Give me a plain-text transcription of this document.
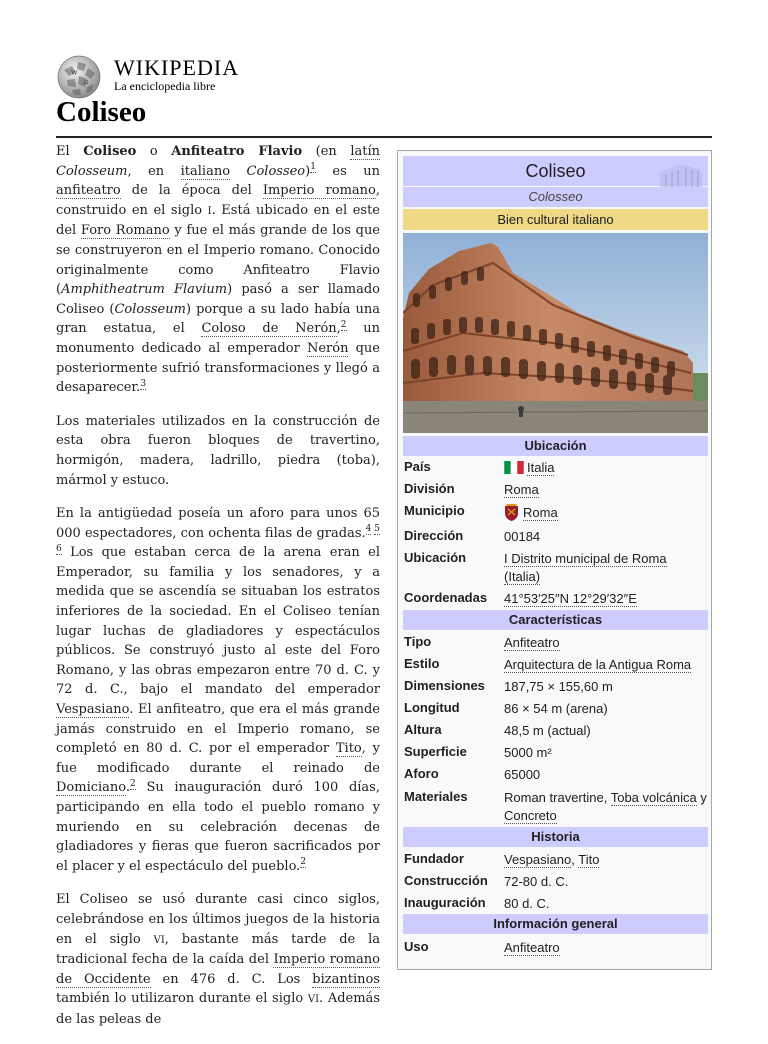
W
Ω
WIKIPEDIA
La enciclopedia libre
Coliseo

El Coliseo o Anfiteatro Flavio (en latín Colosseum, en italiano Colosseo)$^1$ es un anfiteatro de la época del Imperio romano, construido en el siglo I. Está ubicado en el este del Foro Romano y fue el más grande de los que se construyeron en el Imperio romano. Conocido originalmente como Anfiteatro Flavio (Amphitheatrum Flavium) pasó a ser llamado Coliseo (Colosseum) porque a su lado había una gran estatua, el Coloso de Nerón,$^2$ un monumento dedicado al emperador Nerón que posteriormente sufrió transformaciones y llegó a desaparecer.$^3$

Los materiales utilizados en la construcción de esta obra fueron bloques de travertino, hormigón, madera, ladrillo, piedra (toba), mármol y estuco.

En la antigüedad poseía un aforo para unos 65 000 espectadores, con ochenta filas de gradas.$^{4 5 6}$ Los que estaban cerca de la arena eran el Emperador, su familia y los senadores, y a medida que se ascendía se situaban los estratos inferiores de la sociedad. En el Coliseo tenían lugar luchas de gladiadores y espectáculos públicos. Se construyó justo al este del Foro Romano, y las obras empezaron entre 70 d. C. y 72 d. C., bajo el mandato del emperador Vespasiano. El anfiteatro, que era el más grande jamás construido en el Imperio romano, se completó en 80 d. C. por el emperador Tito, y fue modificado durante el reinado de Domiciano.$^2$ Su inauguración duró 100 días, participando en ella todo el pueblo romano y muriendo en su celebración decenas de gladiadores y fieras que fueron sacrificados por el placer y el espectáculo del pueblo.$^2$

El Coliseo se usó durante casi cinco siglos, celebrándose en los últimos juegos de la historia en el siglo VI, bastante más tarde de la tradicional fecha de la caída del Imperio romano de Occidente en 476 d. C. Los bizantinos también lo utilizaron durante el siglo VI. Además de las peleas de

Coliseo
Colosseo
Bien cultural italiano
Ubicación
País	Italia
División	Roma
Municipio	Roma
Dirección	00184
Ubicación	I Distrito municipal de Roma
(Italia)
Coordenadas 41°53′25″N 12°29′32″E
Características
Tipo	Anfiteatro
Estilo	Arquitectura de la Antigua Roma
Dimensiones 187,75 × 155,60 m
Longitud	86 × 54 m (arena)
Altura	48,5 m (actual)
Superficie	5000 m²
Aforo	65000
Materiales	Roman travertine, Toba volcánica y Concreto
Historia
Fundador	Vespasiano, Tito
Construcción 72-80 d. C.
Inauguración 80 d. C.
Información general
Uso	Anfiteatro
